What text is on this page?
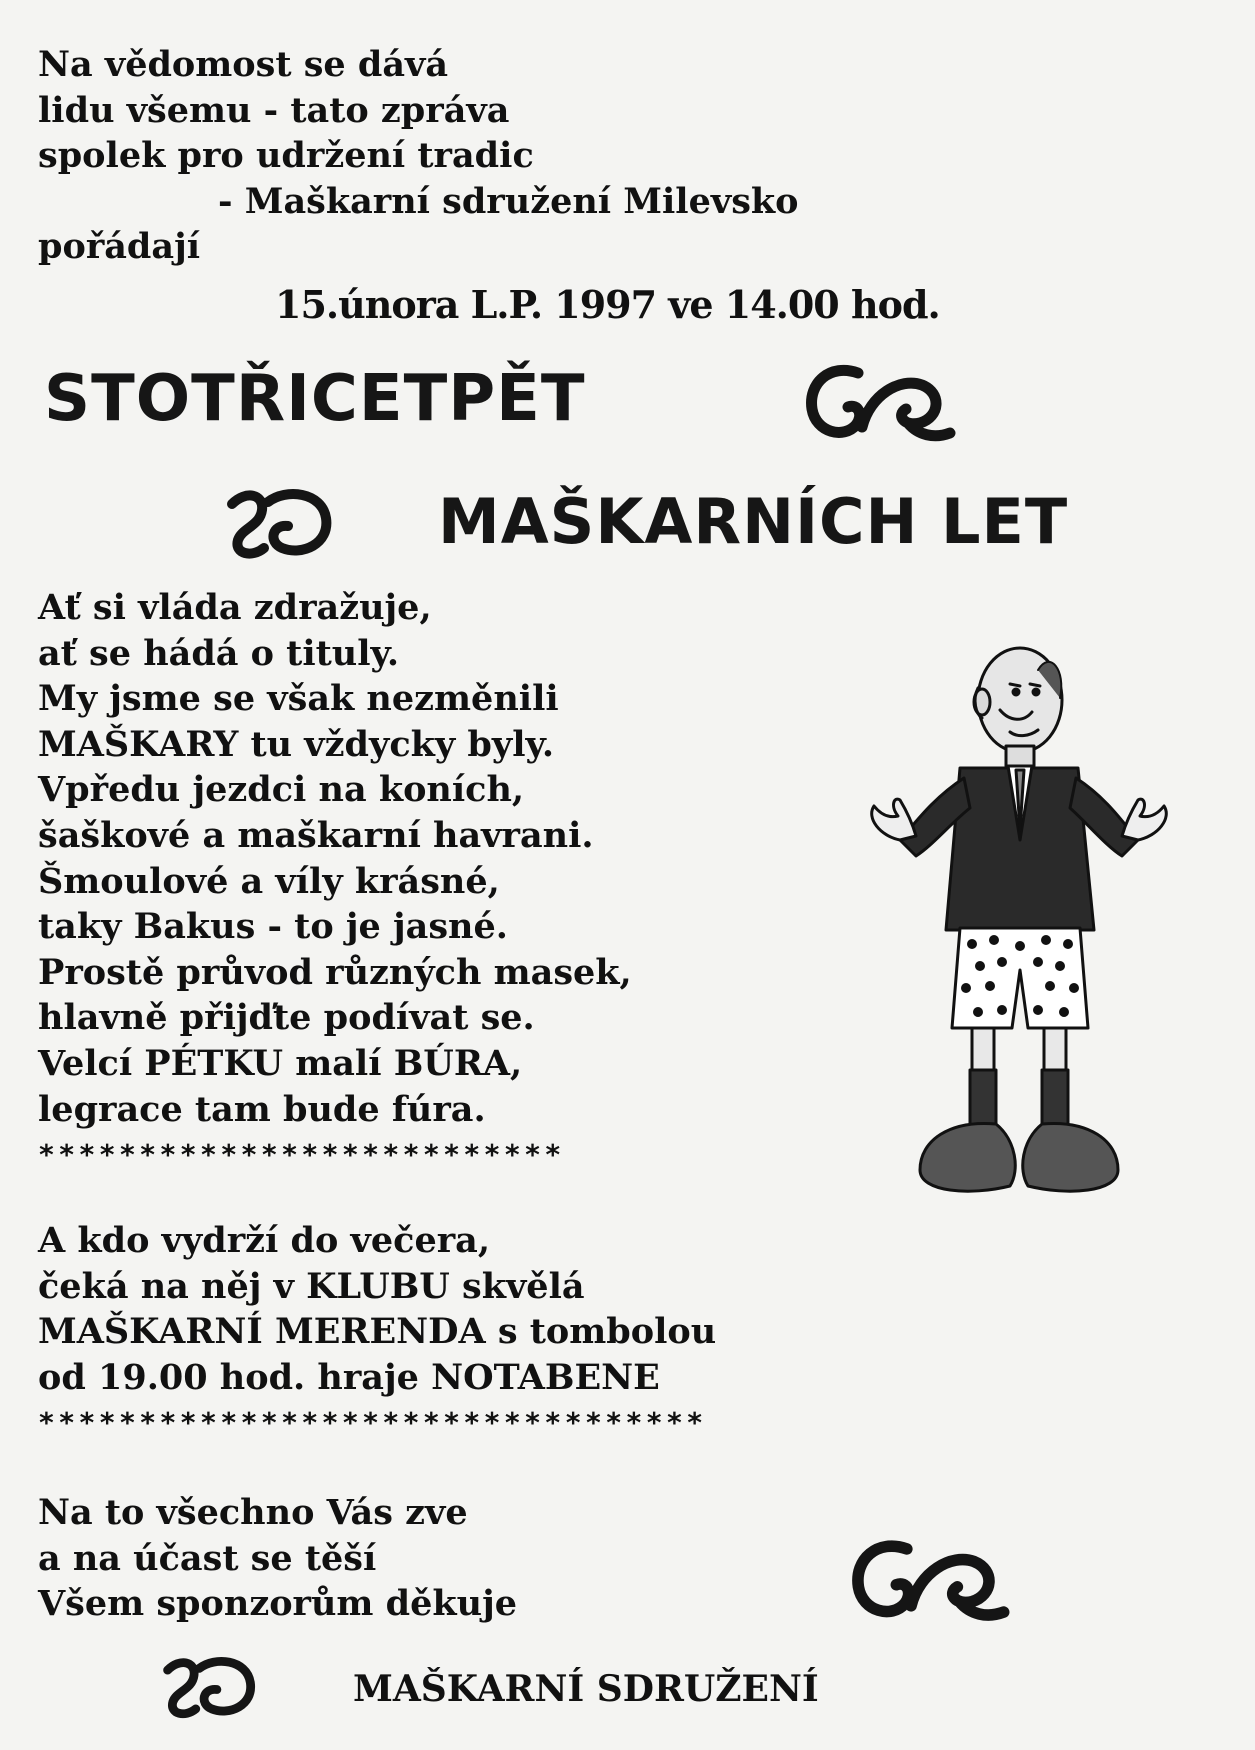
Na vědomost se dává
lidu všemu - tato zpráva
spolek pro udržení tradic
- Maškarní sdružení Milevsko
pořádají
15.února L.P. 1997 ve 14.00 hod.
STOTŘICETPĚT
MAŠKARNÍCH LET
Ať si vláda zdražuje,
ať se hádá o tituly.
My jsme se však nezměnili
MAŠKARY tu vždycky byly.
Vpředu jezdci na koních,
šaškové a maškarní havrani.
Šmoulové a víly krásné,
taky Bakus - to je jasné.
Prostě průvod různých masek,
hlavně přijďte podívat se.
Velcí PÉTKU malí BÚRA,
legrace tam bude fúra.
**************************
A kdo vydrží do večera,
čeká na něj v KLUBU skvělá
MAŠKARNÍ MERENDA s tombolou
od 19.00 hod. hraje NOTABENE
*********************************
Na to všechno Vás zve
a na účast se těší
Všem sponzorům děkuje
MAŠKARNÍ SDRUŽENÍ
